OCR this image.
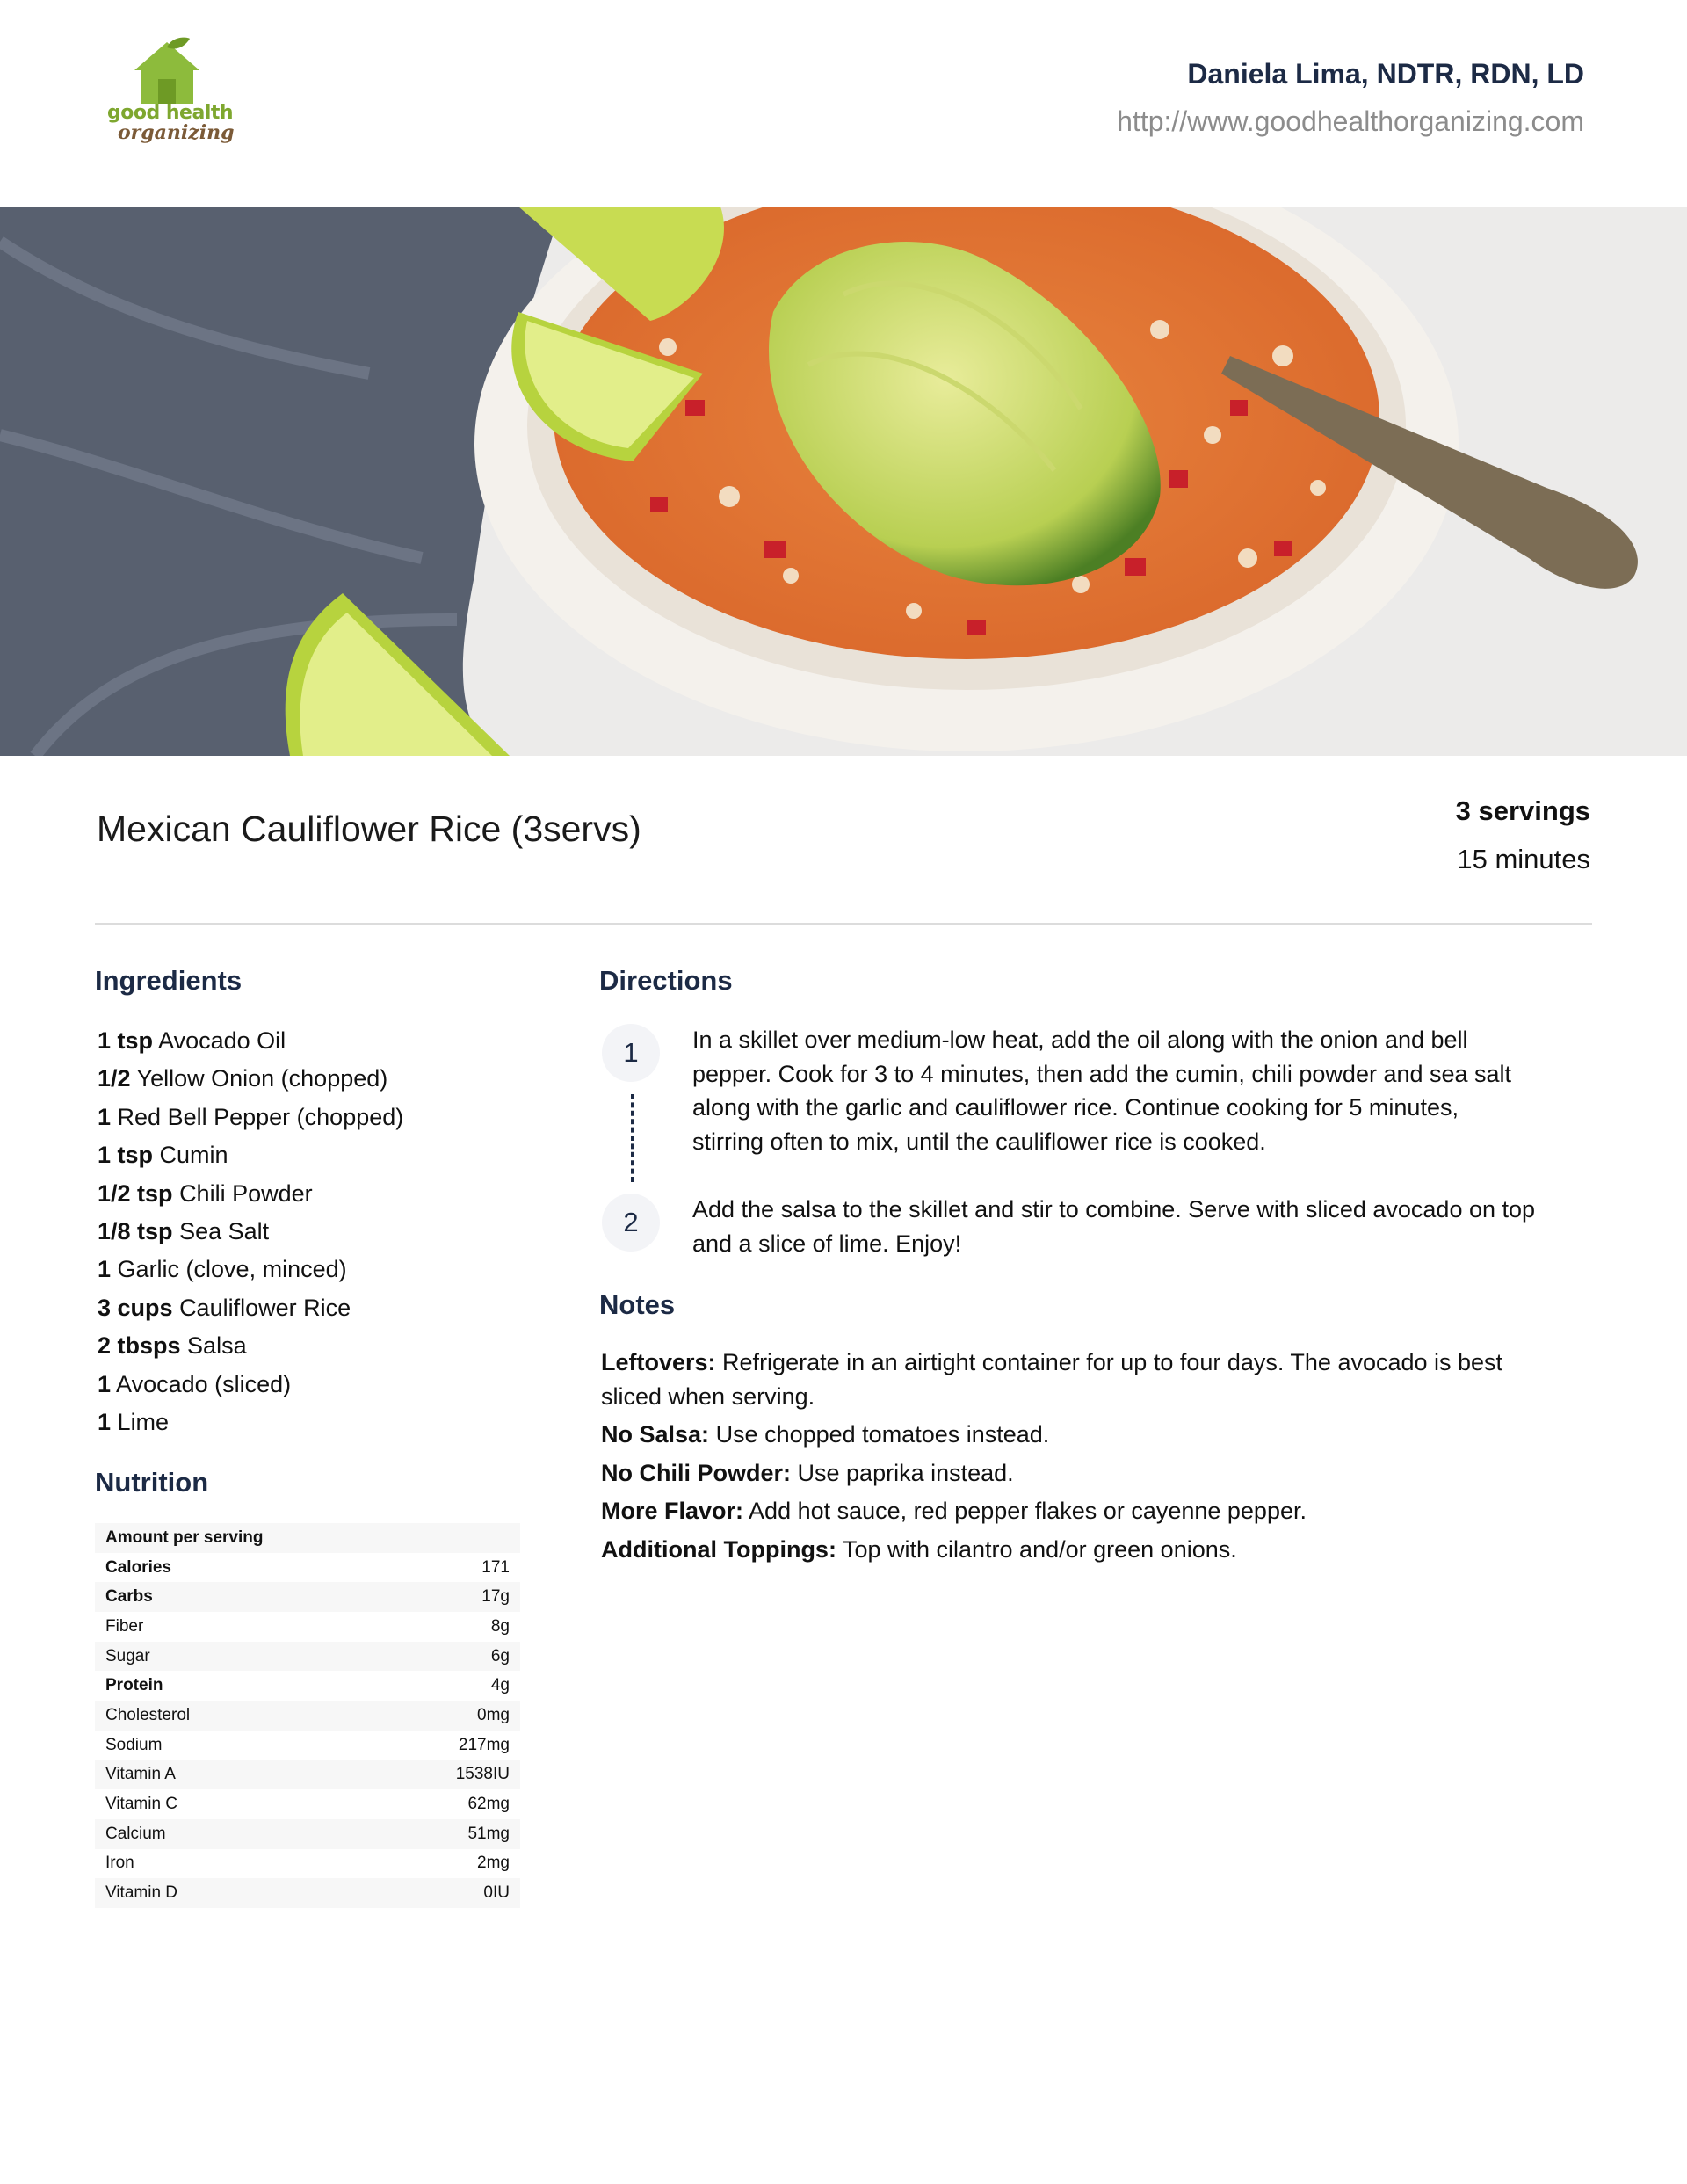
good health
organizing
Daniela Lima, NDTR, RDN, LD
http://www.goodhealthorganizing.com
Mexican Cauliflower Rice (3servs)	3 servings
15 minutes
Ingredients
1 tsp Avocado Oil
1/2 Yellow Onion (chopped)
1 Red Bell Pepper (chopped)
1 tsp Cumin
1/2 tsp Chili Powder
1/8 tsp Sea Salt
1 Garlic (clove, minced)
3 cups Cauliflower Rice
2 tbsps Salsa
1 Avocado (sliced)
1 Lime
Nutrition
Amount per serving	
Calories	171
Carbs	17g
Fiber	8g
Sugar	6g
Protein	4g
Cholesterol	0mg
Sodium	217mg
Vitamin A	1538IU
Vitamin C	62mg
Calcium	51mg
Iron	2mg
Vitamin D	0IU
Directions
1	In a skillet over medium-low heat, add the oil along with the onion and bell pepper. Cook for 3 to 4 minutes, then add the cumin, chili powder and sea salt along with the garlic and cauliflower rice. Continue cooking for 5 minutes, stirring often to mix, until the cauliflower rice is cooked.
2	Add the salsa to the skillet and stir to combine. Serve with sliced avocado on top and a slice of lime. Enjoy!
Notes
Leftovers: Refrigerate in an airtight container for up to four days. The avocado is best sliced when serving.
No Salsa: Use chopped tomatoes instead.
No Chili Powder: Use paprika instead.
More Flavor: Add hot sauce, red pepper flakes or cayenne pepper.
Additional Toppings: Top with cilantro and/or green onions.
